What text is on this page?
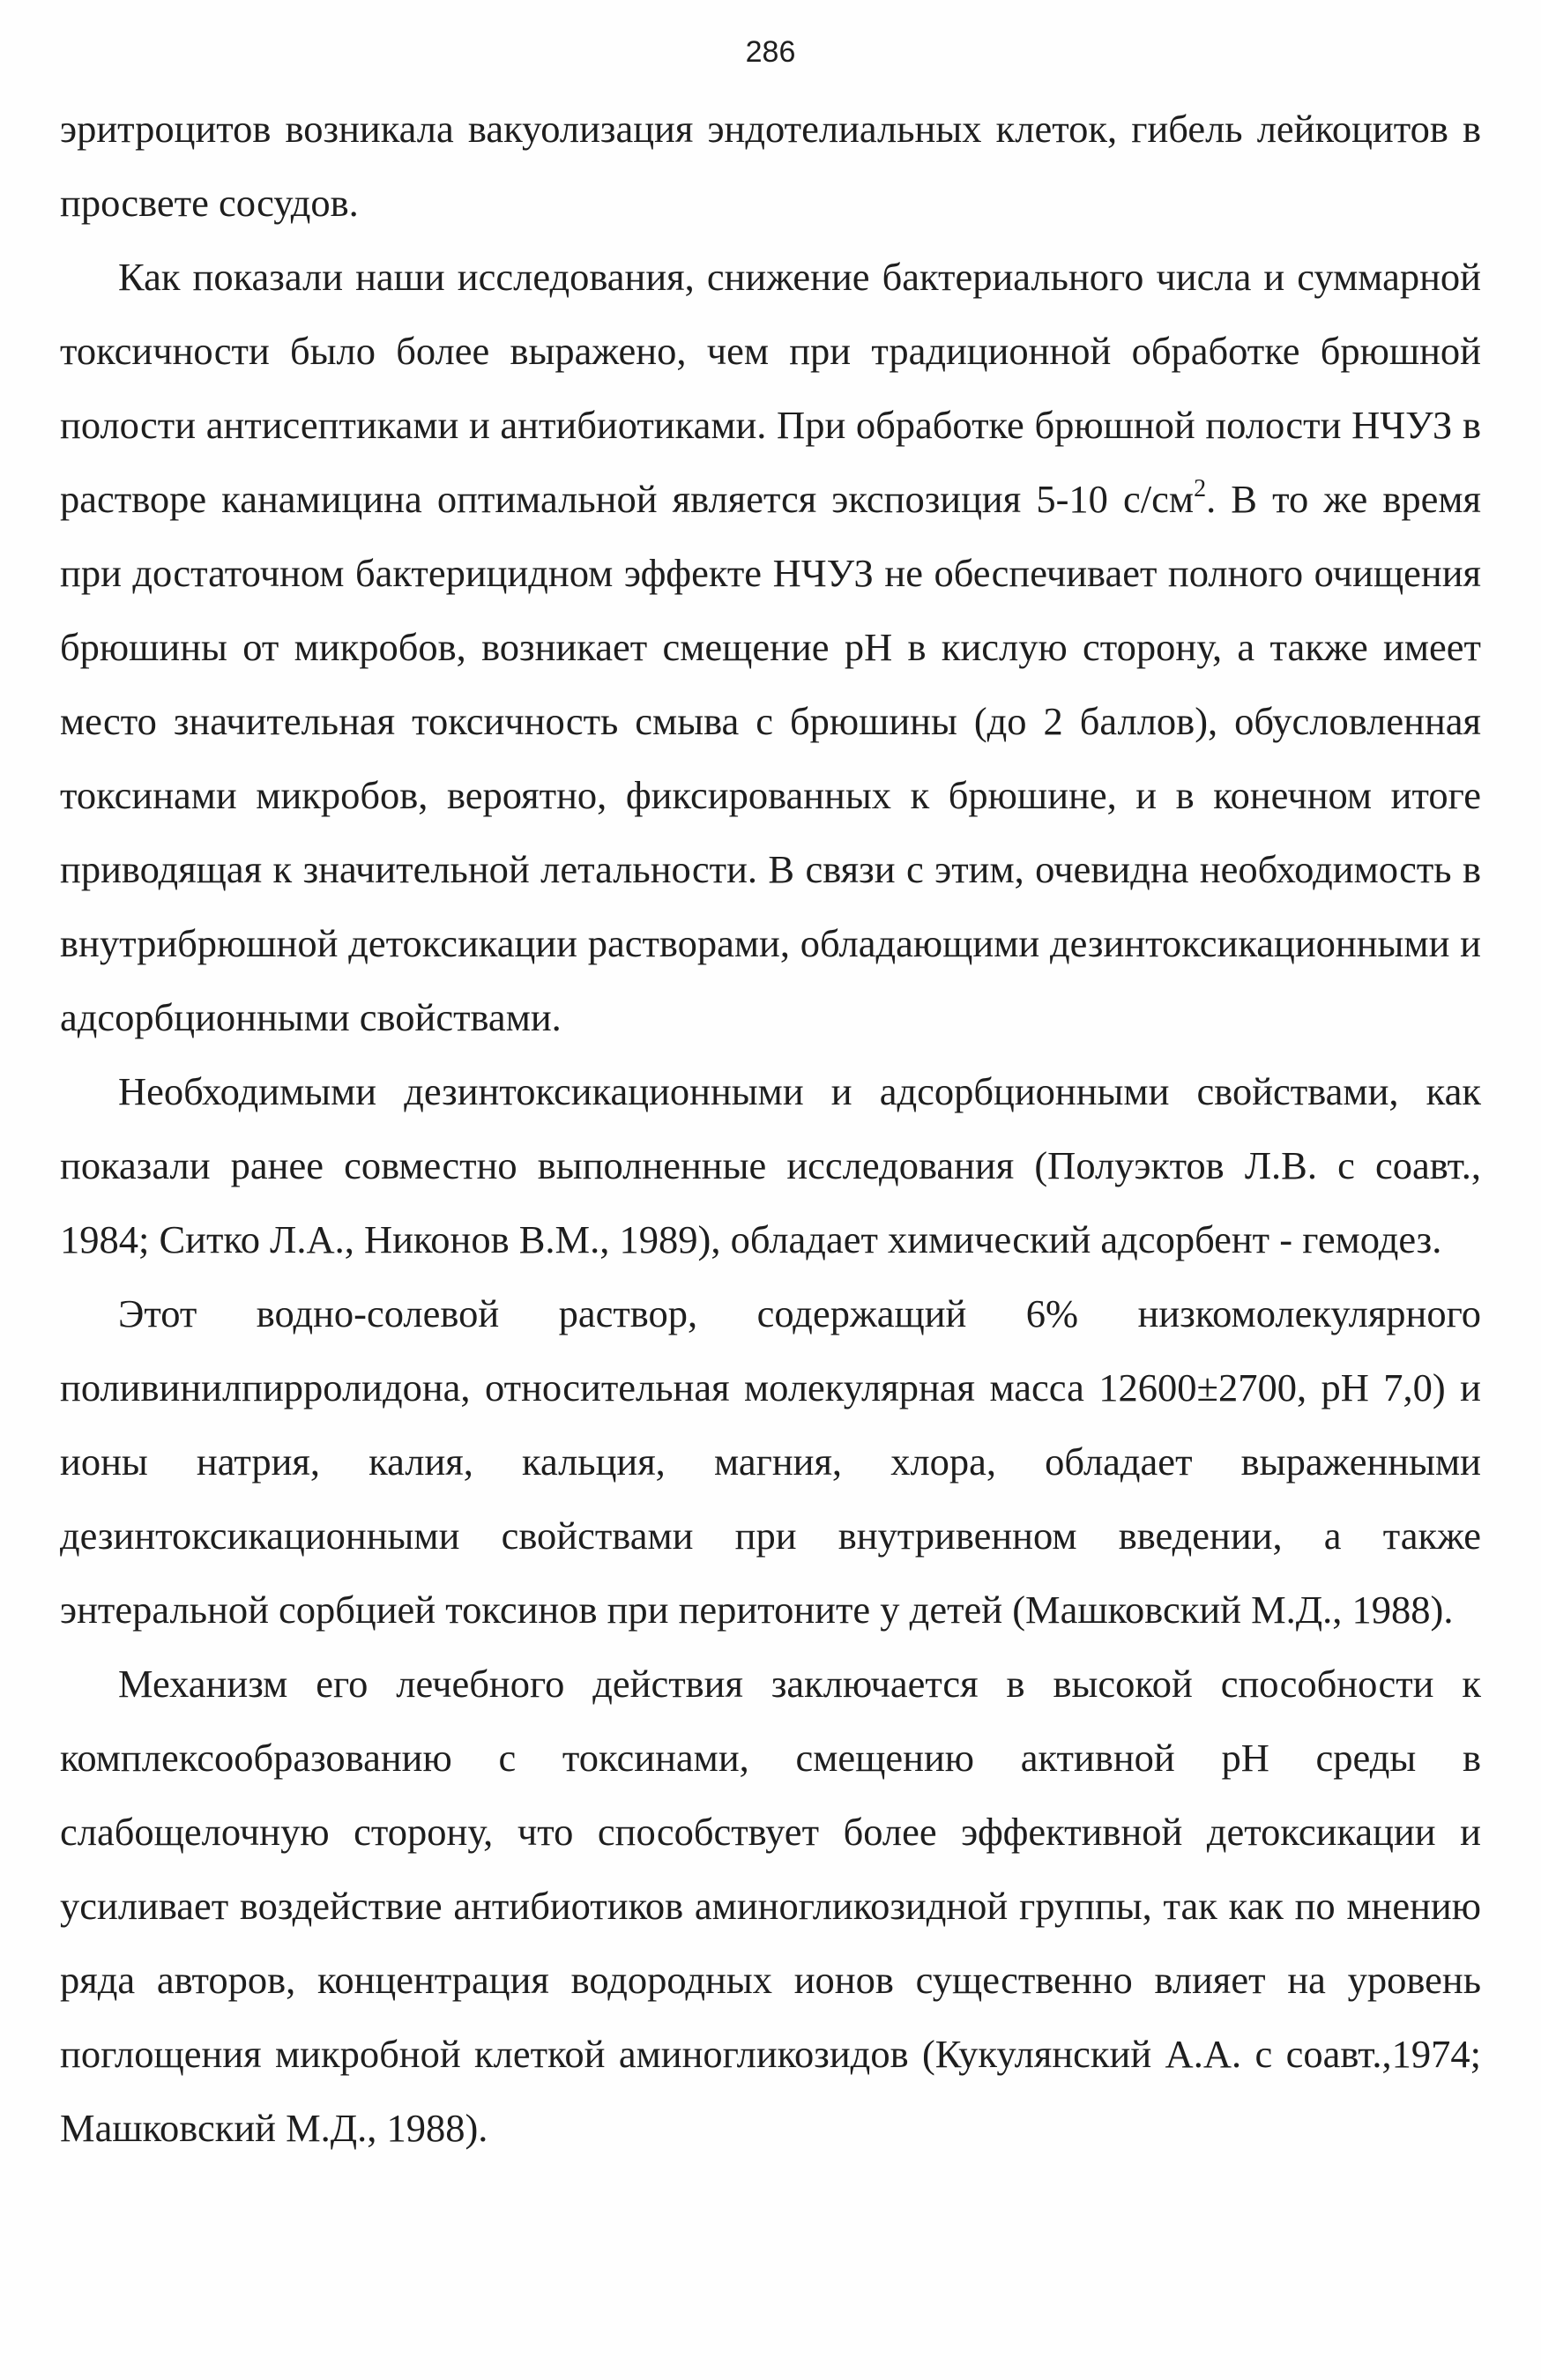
286

эритроцитов возникала вакуолизация эндотелиальных клеток, гибель лейкоцитов в просвете сосудов.

Как показали наши исследования, снижение бактериального числа и суммарной токсичности было более выражено, чем при традиционной обработке брюшной полости антисептиками и антибиотиками. При обработке брюшной полости НЧУЗ в растворе канамицина оптимальной является экспозиция 5-10 $с/см^2$. В то же время при достаточном бактерицидном эффекте НЧУЗ не обеспечивает полного очищения брюшины от микробов, возникает смещение рН в кислую сторону, а также имеет место значительная токсичность смыва с брюшины (до 2 баллов), обусловленная токсинами микробов, вероятно, фиксированных к брюшине, и в конечном итоге приводящая к значительной летальности. В связи с этим, очевидна необходимость в внутрибрюшной детоксикации растворами, обладающими дезинтоксикационными и адсорбционными свойствами.

Необходимыми дезинтоксикационными и адсорбционными свойствами, как показали ранее совместно выполненные исследования (Полуэктов Л.В. с соавт., 1984; Ситко Л.А., Никонов В.М., 1989), обладает химический адсорбент - гемодез.

Этот водно-солевой раствор, содержащий 6% низкомолекулярного поливинилпирролидона, относительная молекулярная масса 12600±2700, рН 7,0) и ионы натрия, калия, кальция, магния, хлора, обладает выраженными дезинтоксикационными свойствами при внутривенном введении, а также энтеральной сорбцией токсинов при перитоните у детей (Машковский М.Д., 1988).

Механизм его лечебного действия заключается в высокой способности к комплексообразованию с токсинами, смещению активной рН среды в слабощелочную сторону, что способствует более эффективной детоксикации и усиливает воздействие антибиотиков аминогликозидной группы, так как по мнению ряда авторов, концентрация водородных ионов существенно влияет на уровень поглощения микробной клеткой аминогликозидов (Кукулянский А.А. с соавт.,1974; Машковский М.Д., 1988).
